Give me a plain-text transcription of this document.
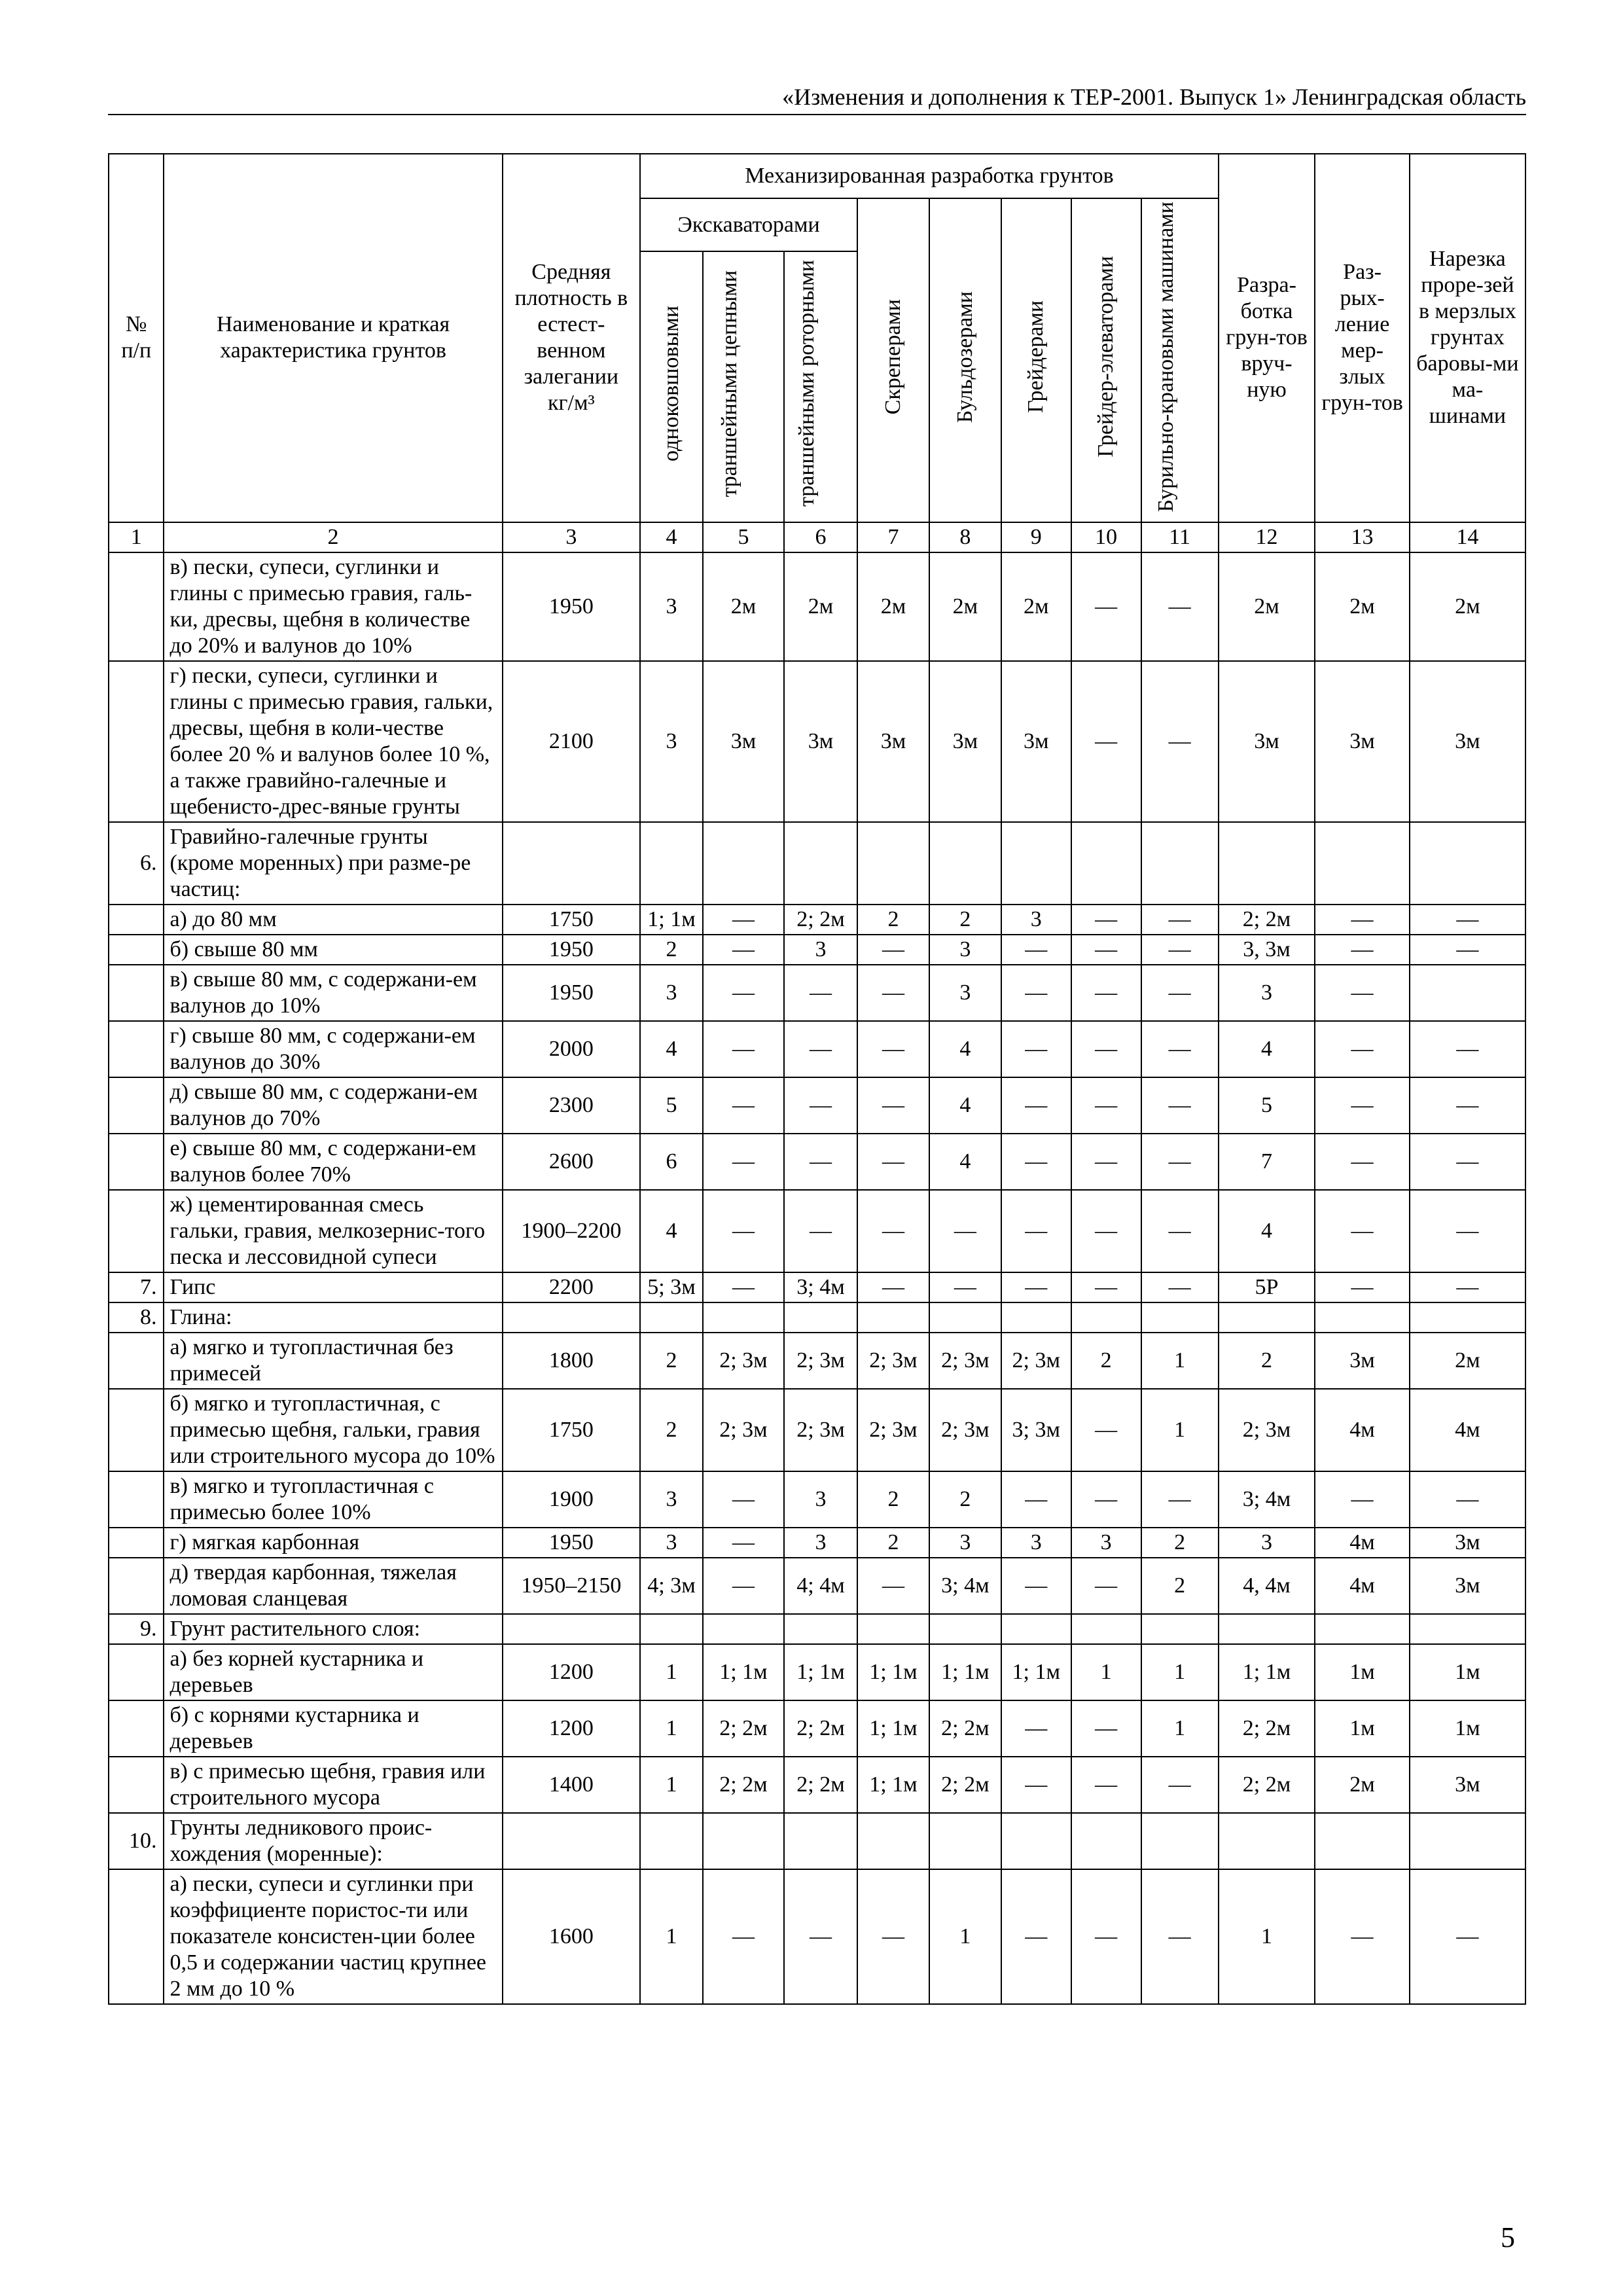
«Изменения и дополнения к ТЕР-2001. Выпуск 1» Ленинградская область
№ п/п	Наименование и краткая характеристика грунтов	Средняя плотность в естест-венном залегании кг/м³	Механизированная разработка грунтов								Разра-ботка грун-тов вруч-ную	Раз-рых-ление мер-злых грун-тов	Нарезка проре-зей в мерзлых грунтах баровы-ми ма-шинами
			Экскаваторами			Скреперами	Бульдозерами	Грейдерами	Грейдер-элеваторами	Бурильно-крановыми машинами			
			одноковшовыми	траншейными цепными	траншейными роторными								
1	2	3	4	5	6	7	8	9	10	11	12	13	14
	в) пески, супеси, суглинки и глины с примесью гравия, галь-ки, дресвы, щебня в количестве до 20% и валунов до 10%	1950	3	2м	2м	2м	2м	2м	—	—	2м	2м	2м
	г) пески, супеси, суглинки и глины с примесью гравия, гальки, дресвы, щебня в коли-честве более 20 % и валунов более 10 %, а также гравийно-галечные и щебенисто-дрес-вяные грунты	2100	3	3м	3м	3м	3м	3м	—	—	3м	3м	3м
6.	Гравийно-галечные грунты (кроме моренных) при разме-ре частиц:												
	а) до 80 мм	1750	1; 1м	—	2; 2м	2	2	3	—	—	2; 2м	—	—
	б) свыше 80 мм	1950	2	—	3	—	3	—	—	—	3, 3м	—	—
	в) свыше 80 мм, с содержани-ем валунов до 10%	1950	3	—	—	—	3	—	—	—	3	—	
	г) свыше 80 мм, с содержани-ем валунов до 30%	2000	4	—	—	—	4	—	—	—	4	—	—
	д) свыше 80 мм, с содержани-ем валунов до 70%	2300	5	—	—	—	4	—	—	—	5	—	—
	е) свыше 80 мм, с содержани-ем валунов более 70%	2600	6	—	—	—	4	—	—	—	7	—	—
	ж) цементированная смесь гальки, гравия, мелкозернис-того песка и лессовидной супеси	1900–2200	4	—	—	—	—	—	—	—	4	—	—
7.	Гипс	2200	5; 3м	—	3; 4м	—	—	—	—	—	5Р	—	—
8.	Глина:												
	а) мягко и тугопластичная без примесей	1800	2	2; 3м	2; 3м	2; 3м	2; 3м	2; 3м	2	1	2	3м	2м
	б) мягко и тугопластичная, с примесью щебня, гальки, гравия или строительного мусора до 10%	1750	2	2; 3м	2; 3м	2; 3м	2; 3м	3; 3м	—	1	2; 3м	4м	4м
	в) мягко и тугопластичная с примесью более 10%	1900	3	—	3	2	2	—	—	—	3; 4м	—	—
	г) мягкая карбонная	1950	3	—	3	2	3	3	3	2	3	4м	3м
	д) твердая карбонная, тяжелая ломовая сланцевая	1950–2150	4; 3м	—	4; 4м	—	3; 4м	—	—	2	4, 4м	4м	3м
9.	Грунт растительного слоя:												
	а) без корней кустарника и деревьев	1200	1	1; 1м	1; 1м	1; 1м	1; 1м	1; 1м	1	1	1; 1м	1м	1м
	б) с корнями кустарника и деревьев	1200	1	2; 2м	2; 2м	1; 1м	2; 2м	—	—	1	2; 2м	1м	1м
	в) с примесью щебня, гравия или строительного мусора	1400	1	2; 2м	2; 2м	1; 1м	2; 2м	—	—	—	2; 2м	2м	3м
10.	Грунты ледникового проис-хождения (моренные):												
	а) пески, супеси и суглинки при коэффициенте пористос-ти или показателе консистен-ции более 0,5 и содержании частиц крупнее 2 мм до 10 %	1600	1	—	—	—	1	—	—	—	1	—	—
5
